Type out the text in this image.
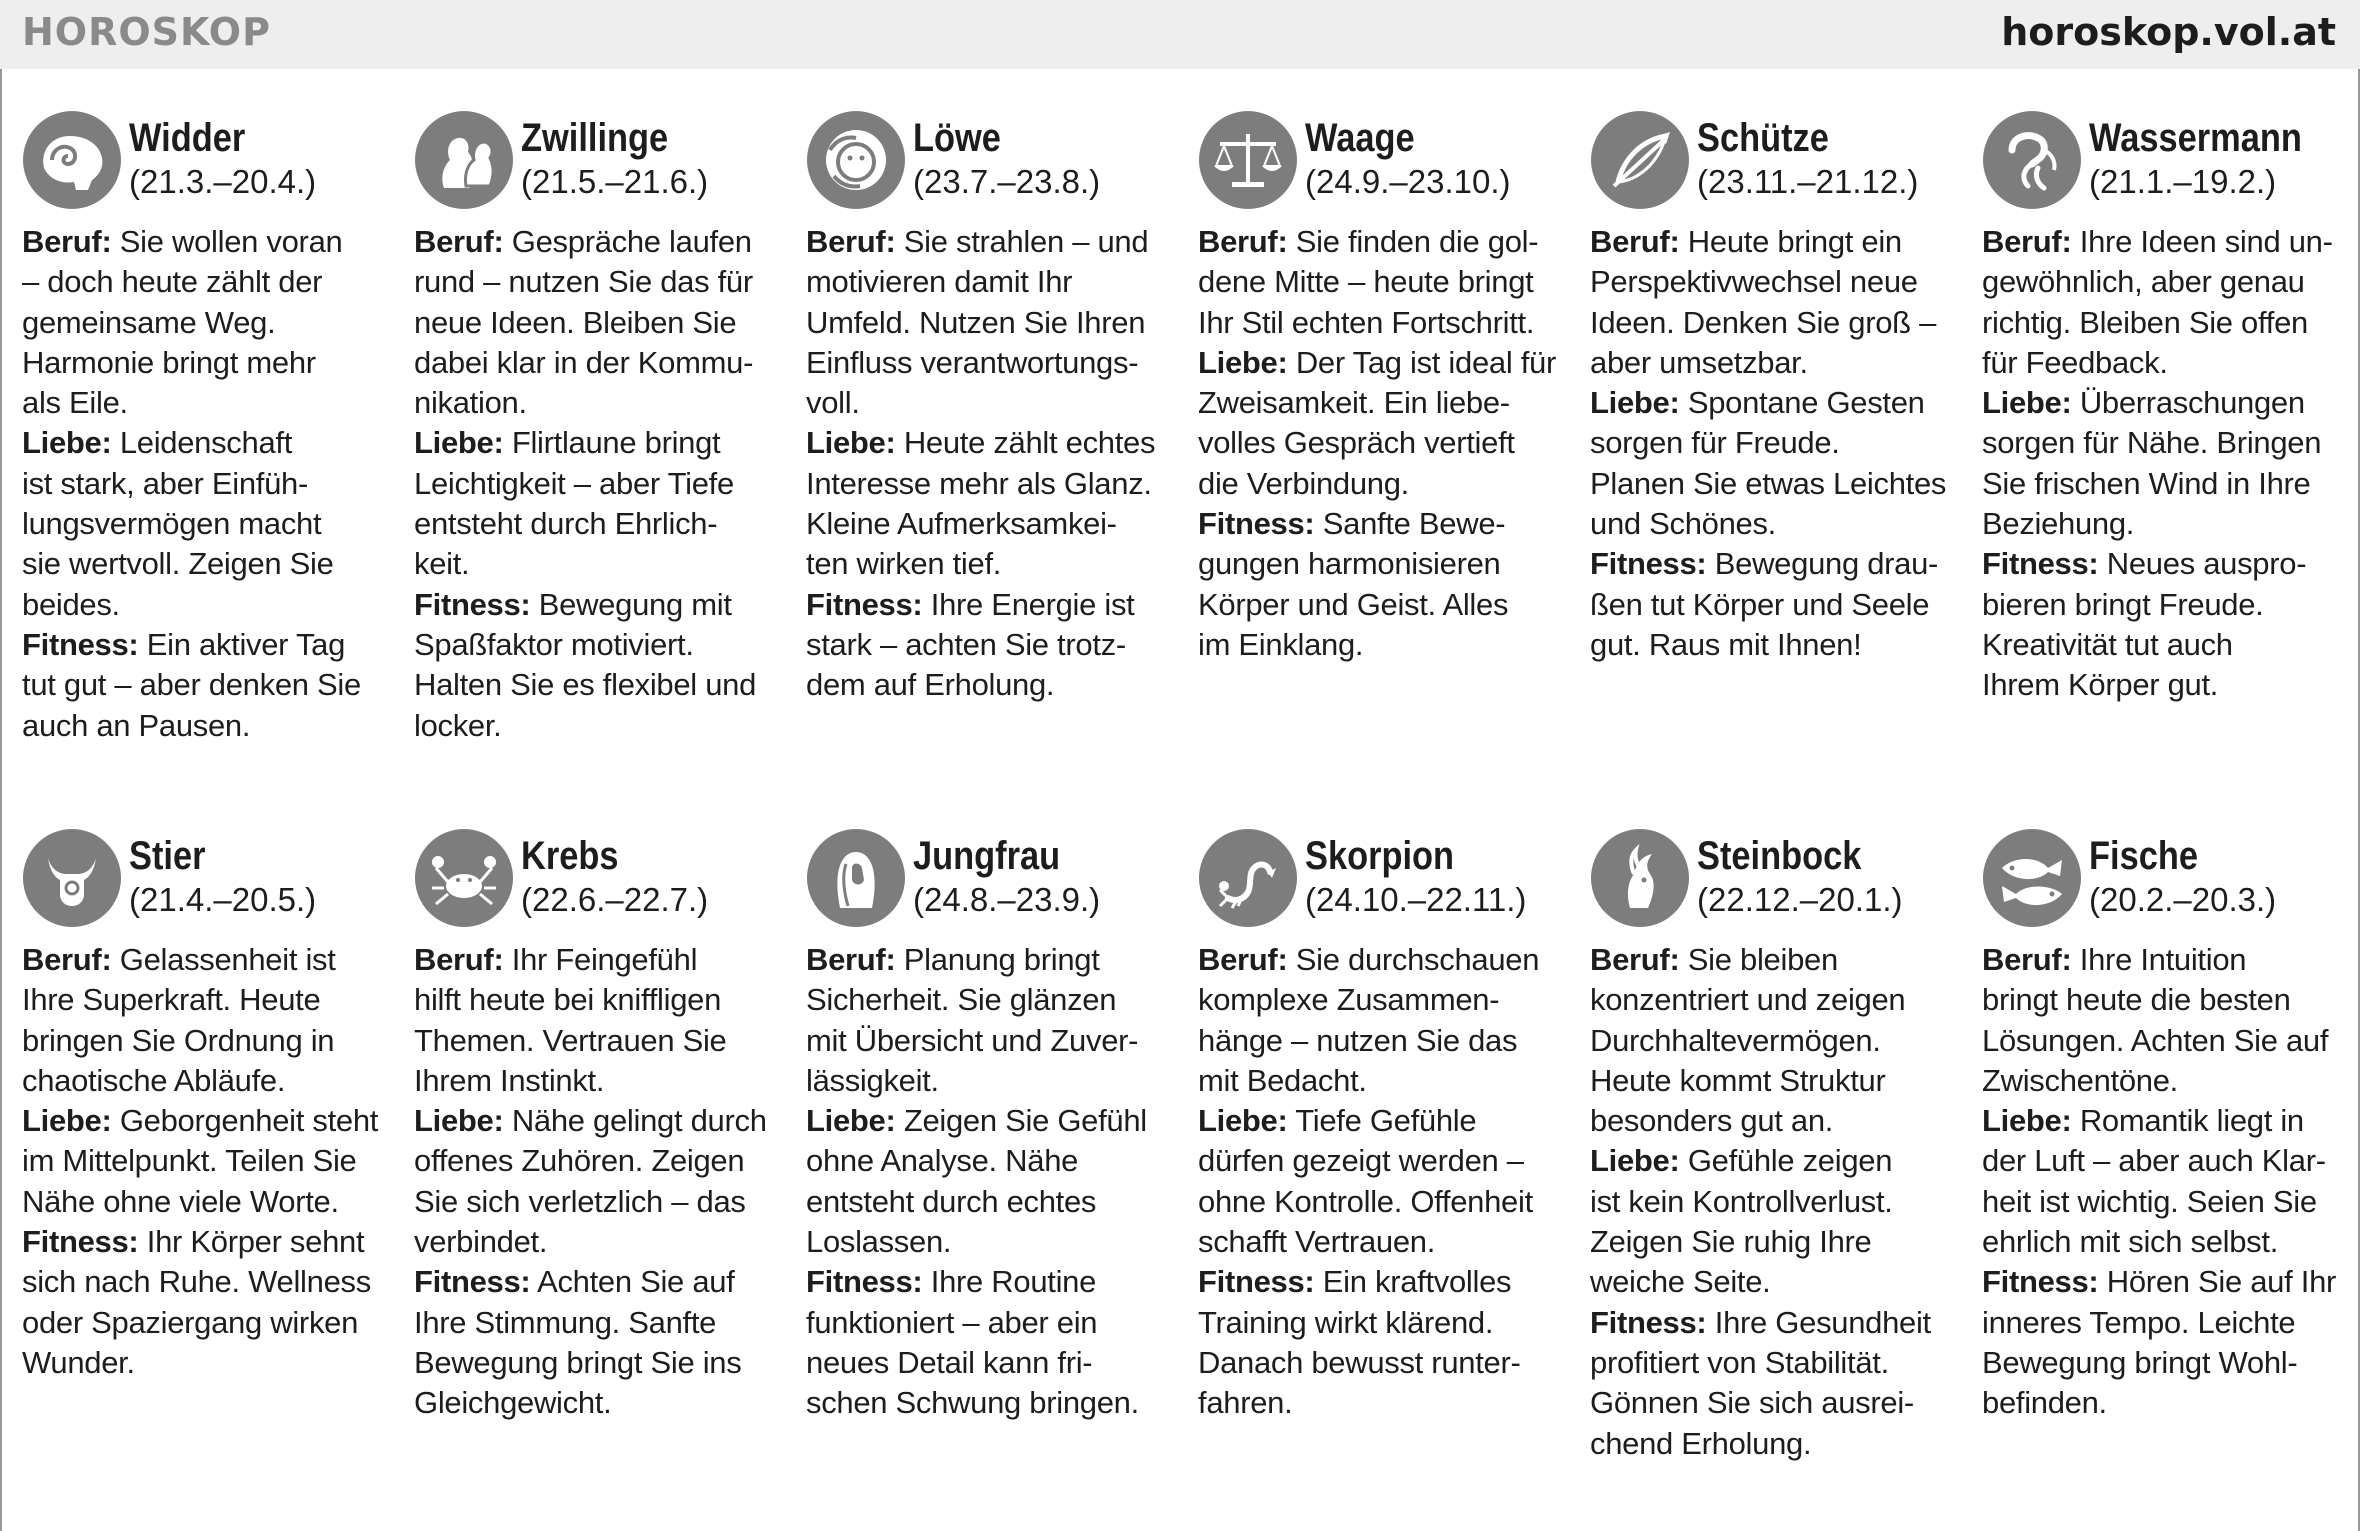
HOROSKOP	horoskop.vol.at
Widder
(21.3.–20.4.)
Beruf: Sie wollen voran
– doch heute zählt der
gemeinsame Weg.
Harmonie bringt mehr
als Eile.
Liebe: Leidenschaft
ist stark, aber Einfüh-
lungsvermögen macht
sie wertvoll. Zeigen Sie
beides.
Fitness: Ein aktiver Tag
tut gut – aber denken Sie
auch an Pausen.
Zwillinge
(21.5.–21.6.)
Beruf: Gespräche laufen
rund – nutzen Sie das für
neue Ideen. Bleiben Sie
dabei klar in der Kommu-
nikation.
Liebe: Flirtlaune bringt
Leichtigkeit – aber Tiefe
entsteht durch Ehrlich-
keit.
Fitness: Bewegung mit
Spaßfaktor motiviert.
Halten Sie es flexibel und
locker.
Löwe
(23.7.–23.8.)
Beruf: Sie strahlen – und
motivieren damit Ihr
Umfeld. Nutzen Sie Ihren
Einfluss verantwortungs-
voll.
Liebe: Heute zählt echtes
Interesse mehr als Glanz.
Kleine Aufmerksamkei-
ten wirken tief.
Fitness: Ihre Energie ist
stark – achten Sie trotz-
dem auf Erholung.
Waage
(24.9.–23.10.)
Beruf: Sie finden die gol-
dene Mitte – heute bringt
Ihr Stil echten Fortschritt.
Liebe: Der Tag ist ideal für
Zweisamkeit. Ein liebe-
volles Gespräch vertieft
die Verbindung.
Fitness: Sanfte Bewe-
gungen harmonisieren
Körper und Geist. Alles
im Einklang.
Schütze
(23.11.–21.12.)
Beruf: Heute bringt ein
Perspektivwechsel neue
Ideen. Denken Sie groß –
aber umsetzbar.
Liebe: Spontane Gesten
sorgen für Freude.
Planen Sie etwas Leichtes
und Schönes.
Fitness: Bewegung drau-
ßen tut Körper und Seele
gut. Raus mit Ihnen!
Wassermann
(21.1.–19.2.)
Beruf: Ihre Ideen sind un-
gewöhnlich, aber genau
richtig. Bleiben Sie offen
für Feedback.
Liebe: Überraschungen
sorgen für Nähe. Bringen
Sie frischen Wind in Ihre
Beziehung.
Fitness: Neues auspro-
bieren bringt Freude.
Kreativität tut auch
Ihrem Körper gut.
Stier
(21.4.–20.5.)
Beruf: Gelassenheit ist
Ihre Superkraft. Heute
bringen Sie Ordnung in
chaotische Abläufe.
Liebe: Geborgenheit steht
im Mittelpunkt. Teilen Sie
Nähe ohne viele Worte.
Fitness: Ihr Körper sehnt
sich nach Ruhe. Wellness
oder Spaziergang wirken
Wunder.
Krebs
(22.6.–22.7.)
Beruf: Ihr Feingefühl
hilft heute bei kniffligen
Themen. Vertrauen Sie
Ihrem Instinkt.
Liebe: Nähe gelingt durch
offenes Zuhören. Zeigen
Sie sich verletzlich – das
verbindet.
Fitness: Achten Sie auf
Ihre Stimmung. Sanfte
Bewegung bringt Sie ins
Gleichgewicht.
Jungfrau
(24.8.–23.9.)
Beruf: Planung bringt
Sicherheit. Sie glänzen
mit Übersicht und Zuver-
lässigkeit.
Liebe: Zeigen Sie Gefühl
ohne Analyse. Nähe
entsteht durch echtes
Loslassen.
Fitness: Ihre Routine
funktioniert – aber ein
neues Detail kann fri-
schen Schwung bringen.
Skorpion
(24.10.–22.11.)
Beruf: Sie durchschauen
komplexe Zusammen-
hänge – nutzen Sie das
mit Bedacht.
Liebe: Tiefe Gefühle
dürfen gezeigt werden –
ohne Kontrolle. Offenheit
schafft Vertrauen.
Fitness: Ein kraftvolles
Training wirkt klärend.
Danach bewusst runter-
fahren.
Steinbock
(22.12.–20.1.)
Beruf: Sie bleiben
konzentriert und zeigen
Durchhaltevermögen.
Heute kommt Struktur
besonders gut an.
Liebe: Gefühle zeigen
ist kein Kontrollverlust.
Zeigen Sie ruhig Ihre
weiche Seite.
Fitness: Ihre Gesundheit
profitiert von Stabilität.
Gönnen Sie sich ausrei-
chend Erholung.
Fische
(20.2.–20.3.)
Beruf: Ihre Intuition
bringt heute die besten
Lösungen. Achten Sie auf
Zwischentöne.
Liebe: Romantik liegt in
der Luft – aber auch Klar-
heit ist wichtig. Seien Sie
ehrlich mit sich selbst.
Fitness: Hören Sie auf Ihr
inneres Tempo. Leichte
Bewegung bringt Wohl-
befinden.
